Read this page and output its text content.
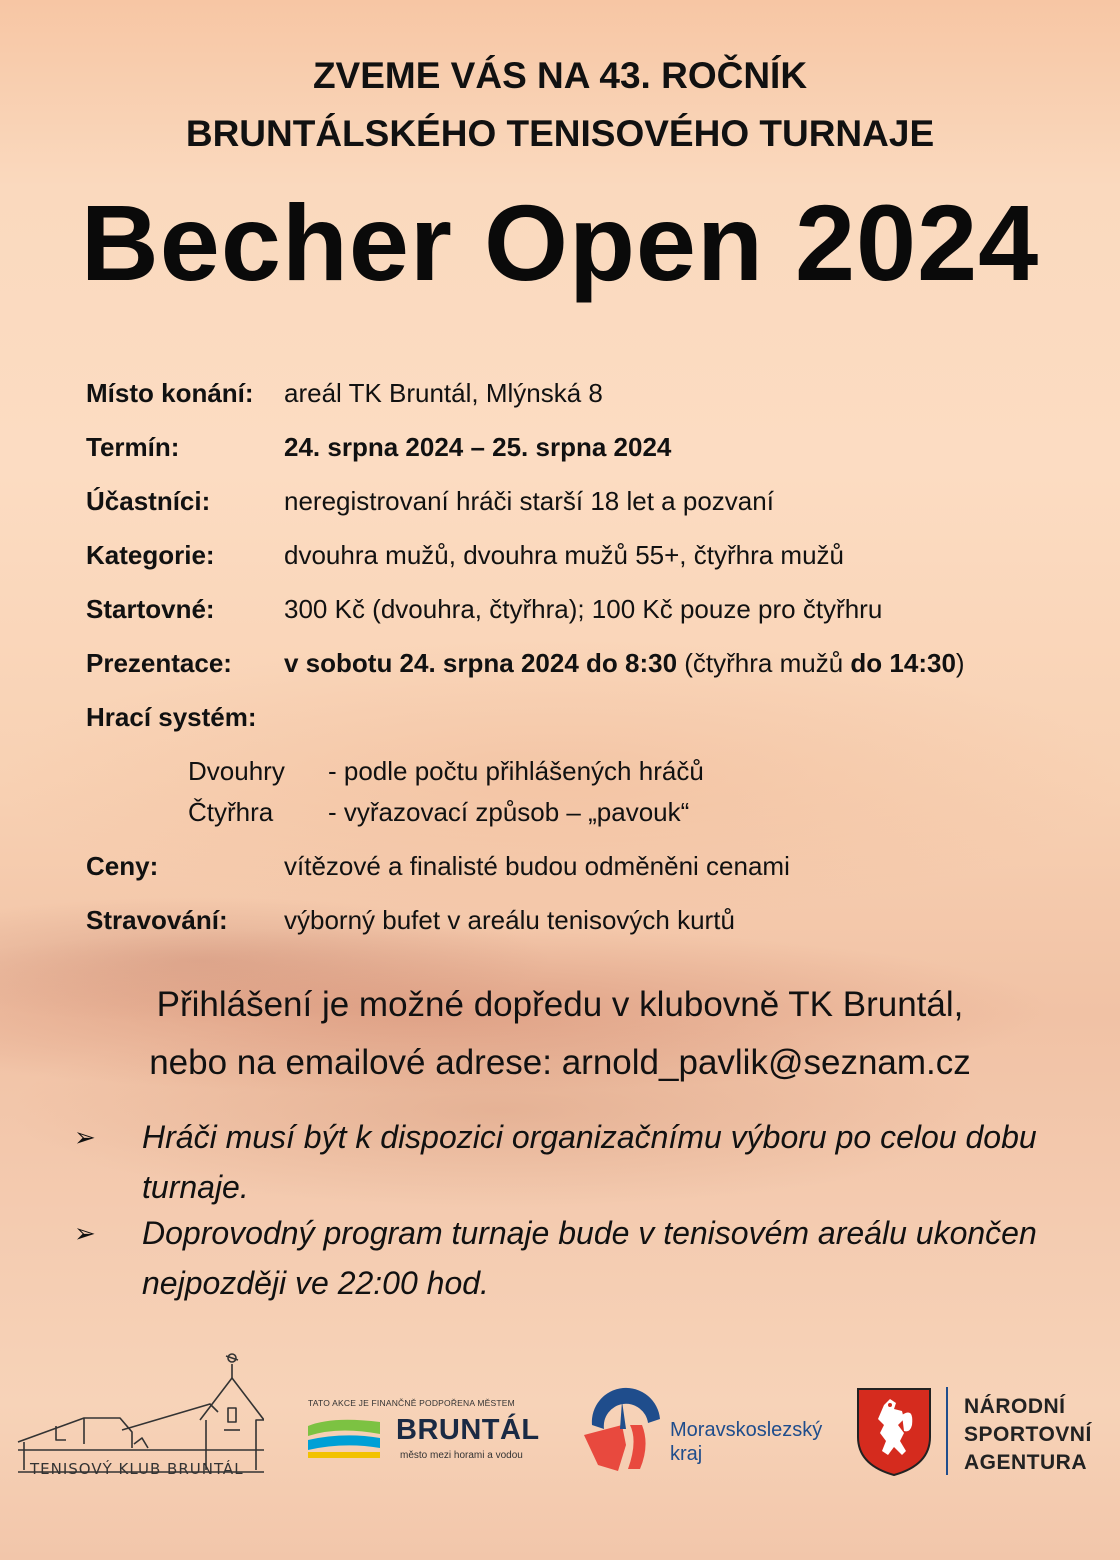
ZVEME VÁS NA 43. ROČNÍK
BRUNTÁLSKÉHO TENISOVÉHO TURNAJE
Becher Open 2024
Místo konání: areál TK Bruntál, Mlýnská 8
Termín:	24. srpna 2024 – 25. srpna 2024
Účastníci:	neregistrovaní hráči starší 18 let a pozvaní
Kategorie:	dvouhra mužů, dvouhra mužů 55+, čtyřhra mužů
Startovné:	300 Kč (dvouhra, čtyřhra); 100 Kč pouze pro čtyřhru
Prezentace: v sobotu 24. srpna 2024 do 8:30 (čtyřhra mužů do 14:30)
Hrací systém:
Dvouhry - podle počtu přihlášených hráčů
Čtyřhra - vyřazovací způsob – „pavouk“
Ceny:	vítězové a finalisté budou odměněni cenami
Stravování: výborný bufet v areálu tenisových kurtů
Přihlášení je možné dopředu v klubovně TK Bruntál,
nebo na emailové adrese: arnold_pavlik@seznam.cz
➢	Hráči musí být k dispozici organizačnímu výboru po celou dobu turnaje.
➢	Doprovodný program turnaje bude v tenisovém areálu ukončen nejpozději ve 22:00 hod.
TENISOVÝ KLUB BRUNTÁL
TATO AKCE JE FINANČNĚ PODPOŘENA MĚSTEM
BRUNTÁL
město mezi horami a vodou
Moravskoslezský
kraj
NÁRODNÍ
SPORTOVNÍ
AGENTURA
